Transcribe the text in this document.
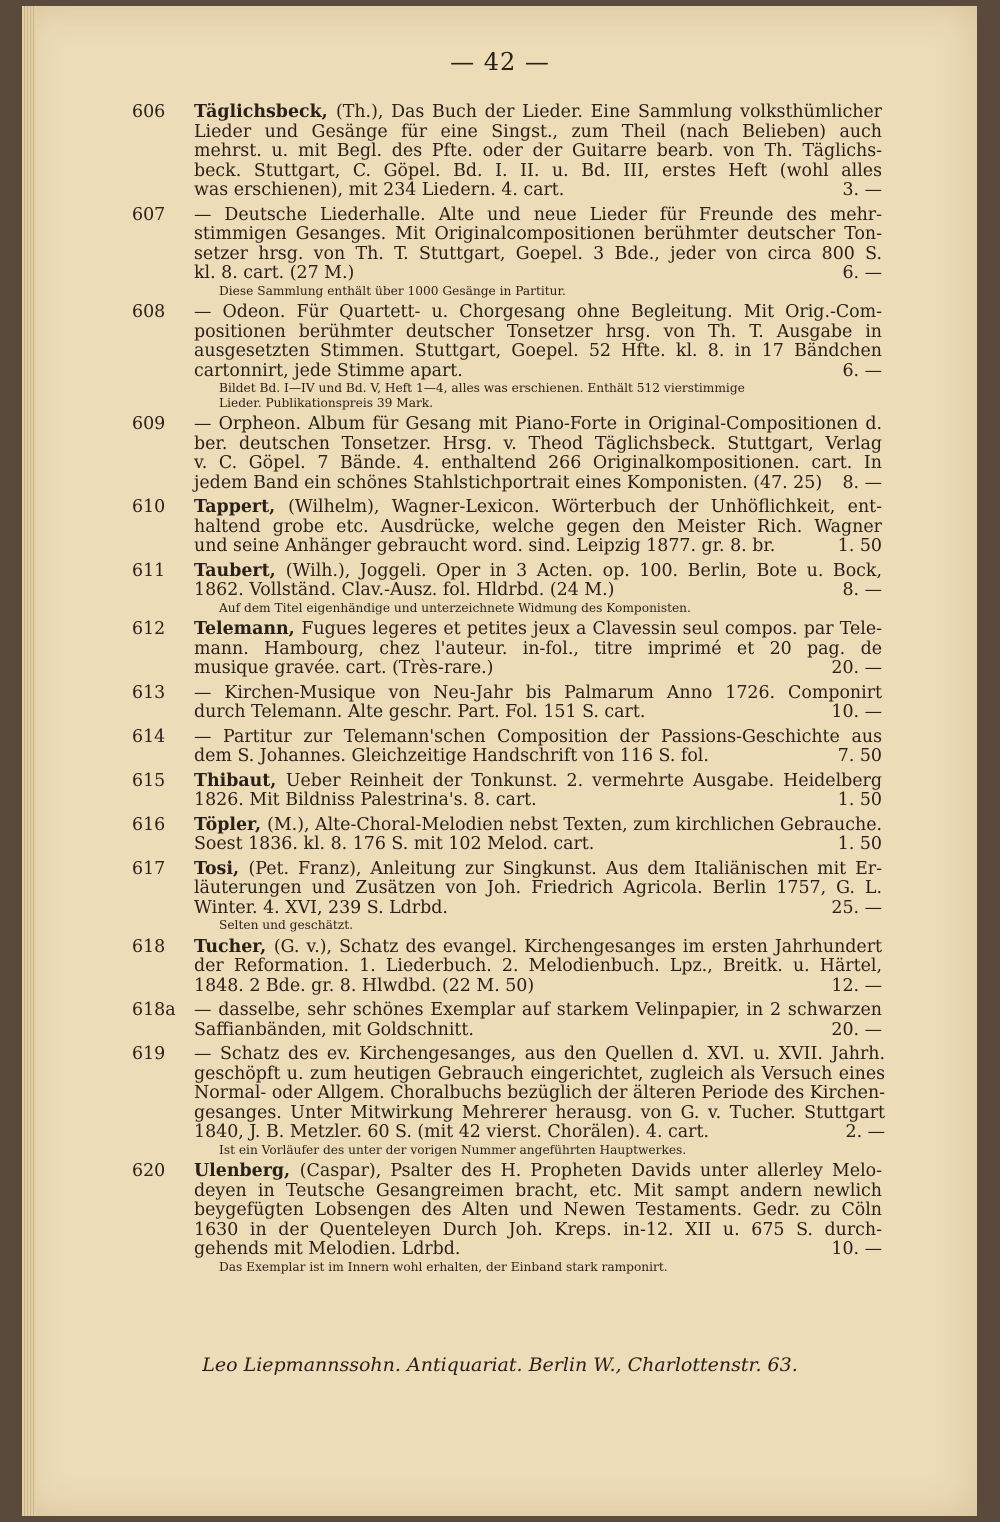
— 42 —
606	Täglichsbeck, (Th.), Das Buch der Lieder. Eine Sammlung volksthümlicher
Lieder und Gesänge für eine Singst., zum Theil (nach Belieben) auch
mehrst. u. mit Begl. des Pfte. oder der Guitarre bearb. von Th. Täglichs-
beck. Stuttgart, C. Göpel. Bd. I. II. u. Bd. III, erstes Heft (wohl alles
was erschienen), mit 234 Liedern. 4. cart.	3. —
607	— Deutsche Liederhalle. Alte und neue Lieder für Freunde des mehr-
stimmigen Gesanges. Mit Originalcompositionen berühmter deutscher Ton-
setzer hrsg. von Th. T. Stuttgart, Goepel. 3 Bde., jeder von circa 800 S.
kl. 8. cart. (27 M.)	6. —
Diese Sammlung enthält über 1000 Gesänge in Partitur.
608	— Odeon. Für Quartett- u. Chorgesang ohne Begleitung. Mit Orig.-Com-
positionen berühmter deutscher Tonsetzer hrsg. von Th. T. Ausgabe in
ausgesetzten Stimmen. Stuttgart, Goepel. 52 Hfte. kl. 8. in 17 Bändchen
cartonnirt, jede Stimme apart.	6. —
Bildet Bd. I—IV und Bd. V, Heft 1—4, alles was erschienen. Enthält 512 vierstimmige
Lieder. Publikationspreis 39 Mark.
609	— Orpheon. Album für Gesang mit Piano-Forte in Original-Compositionen d.
ber. deutschen Tonsetzer. Hrsg. v. Theod Täglichsbeck. Stuttgart, Verlag
v. C. Göpel. 7 Bände. 4. enthaltend 266 Originalkompositionen. cart. In
jedem Band ein schönes Stahlstichportrait eines Komponisten. (47. 25) 8. —
610	Tappert, (Wilhelm), Wagner-Lexicon. Wörterbuch der Unhöflichkeit, ent-
haltend grobe etc. Ausdrücke, welche gegen den Meister Rich. Wagner
und seine Anhänger gebraucht word. sind. Leipzig 1877. gr. 8. br.	1. 50
611	Taubert, (Wilh.), Joggeli. Oper in 3 Acten. op. 100. Berlin, Bote u. Bock,
1862. Vollständ. Clav.-Ausz. fol. Hldrbd. (24 M.)	8. —
Auf dem Titel eigenhändige und unterzeichnete Widmung des Komponisten.
612	Telemann, Fugues legeres et petites jeux a Clavessin seul compos. par Tele-
mann. Hambourg, chez l'auteur. in-fol., titre imprimé et 20 pag. de
musique gravée. cart. (Très-rare.)	20. —
613	— Kirchen-Musique von Neu-Jahr bis Palmarum Anno 1726. Componirt
durch Telemann. Alte geschr. Part. Fol. 151 S. cart.	10. —
614	— Partitur zur Telemann'schen Composition der Passions-Geschichte aus
dem S. Johannes. Gleichzeitige Handschrift von 116 S. fol.	7. 50
615	Thibaut, Ueber Reinheit der Tonkunst. 2. vermehrte Ausgabe. Heidelberg
1826. Mit Bildniss Palestrina's. 8. cart.	1. 50
616	Töpler, (M.), Alte-Choral-Melodien nebst Texten, zum kirchlichen Gebrauche.
Soest 1836. kl. 8. 176 S. mit 102 Melod. cart.	1. 50
617	Tosi, (Pet. Franz), Anleitung zur Singkunst. Aus dem Italiänischen mit Er-
läuterungen und Zusätzen von Joh. Friedrich Agricola. Berlin 1757, G. L.
Winter. 4. XVI, 239 S. Ldrbd.	25. —
Selten und geschätzt.
618	Tucher, (G. v.), Schatz des evangel. Kirchengesanges im ersten Jahrhundert
der Reformation. 1. Liederbuch. 2. Melodienbuch. Lpz., Breitk. u. Härtel,
1848. 2 Bde. gr. 8. Hlwdbd. (22 M. 50)	12. —
618a	— dasselbe, sehr schönes Exemplar auf starkem Velinpapier, in 2 schwarzen
Saffianbänden, mit Goldschnitt.	20. —
619	— Schatz des ev. Kirchengesanges, aus den Quellen d. XVI. u. XVII. Jahrh.
geschöpft u. zum heutigen Gebrauch eingerichtet, zugleich als Versuch eines
Normal- oder Allgem. Choralbuchs bezüglich der älteren Periode des Kirchen-
gesanges. Unter Mitwirkung Mehrerer herausg. von G. v. Tucher. Stuttgart
1840, J. B. Metzler. 60 S. (mit 42 vierst. Chorälen). 4. cart.	2. —
Ist ein Vorläufer des unter der vorigen Nummer angeführten Hauptwerkes.
620	Ulenberg, (Caspar), Psalter des H. Propheten Davids unter allerley Melo-
deyen in Teutsche Gesangreimen bracht, etc. Mit sampt andern newlich
beygefügten Lobsengen des Alten und Newen Testaments. Gedr. zu Cöln
1630 in der Quenteleyen Durch Joh. Kreps. in-12. XII u. 675 S. durch-
gehends mit Melodien. Ldrbd.	10. —
Das Exemplar ist im Innern wohl erhalten, der Einband stark ramponirt.
Leo Liepmannssohn. Antiquariat. Berlin W., Charlottenstr. 63.
